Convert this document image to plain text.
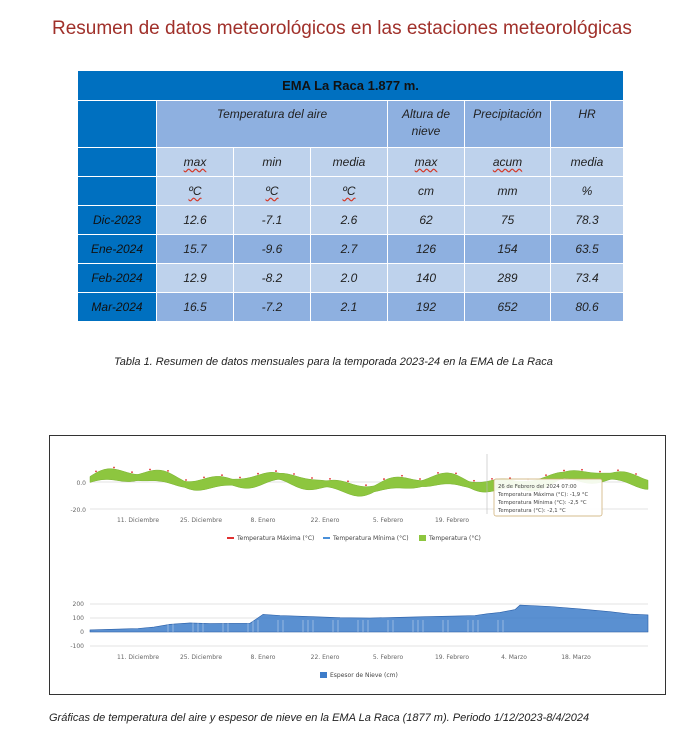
Resumen de datos meteorológicos en las estaciones meteorológicas
EMA La Raca 1.877 m.						
	Temperatura del aire			Altura de nieve	Precipitación	HR
	max	min	media	max	acum	media
	ºC	ºC	ºC	cm	mm	%
Dic-2023	12.6	-7.1	2.6	62	75	78.3
Ene-2024	15.7	-9.6	2.7	126	154	63.5
Feb-2024	12.9	-8.2	2.0	140	289	73.4
Mar-2024	16.5	-7.2	2.1	192	652	80.6
Tabla 1. Resumen de datos mensuales para la temporada 2023-24 en la EMA de La Raca
0.0
-20.0
11. Diciembre	25. Diciembre	8. Enero	22. Enero	5. Febrero	19. Febrero
Temperatura Máxima (°C)	Temperatura Mínima (°C)	Temperatura (°C)
26 de Febrero del 2024 07:00
Temperatura Máxima (°C): -1,9 °C
Temperatura Mínima (°C): -2,5 °C
Temperatura (°C): -2,1 °C
200
100
0
-100
11. Diciembre	25. Diciembre	8. Enero	22. Enero	5. Febrero	19. Febrero	4. Marzo	18. Marzo
Espesor de Nieve (cm)
Gráficas de temperatura del aire y espesor de nieve en la EMA La Raca (1877 m). Periodo 1/12/2023-8/4/2024
